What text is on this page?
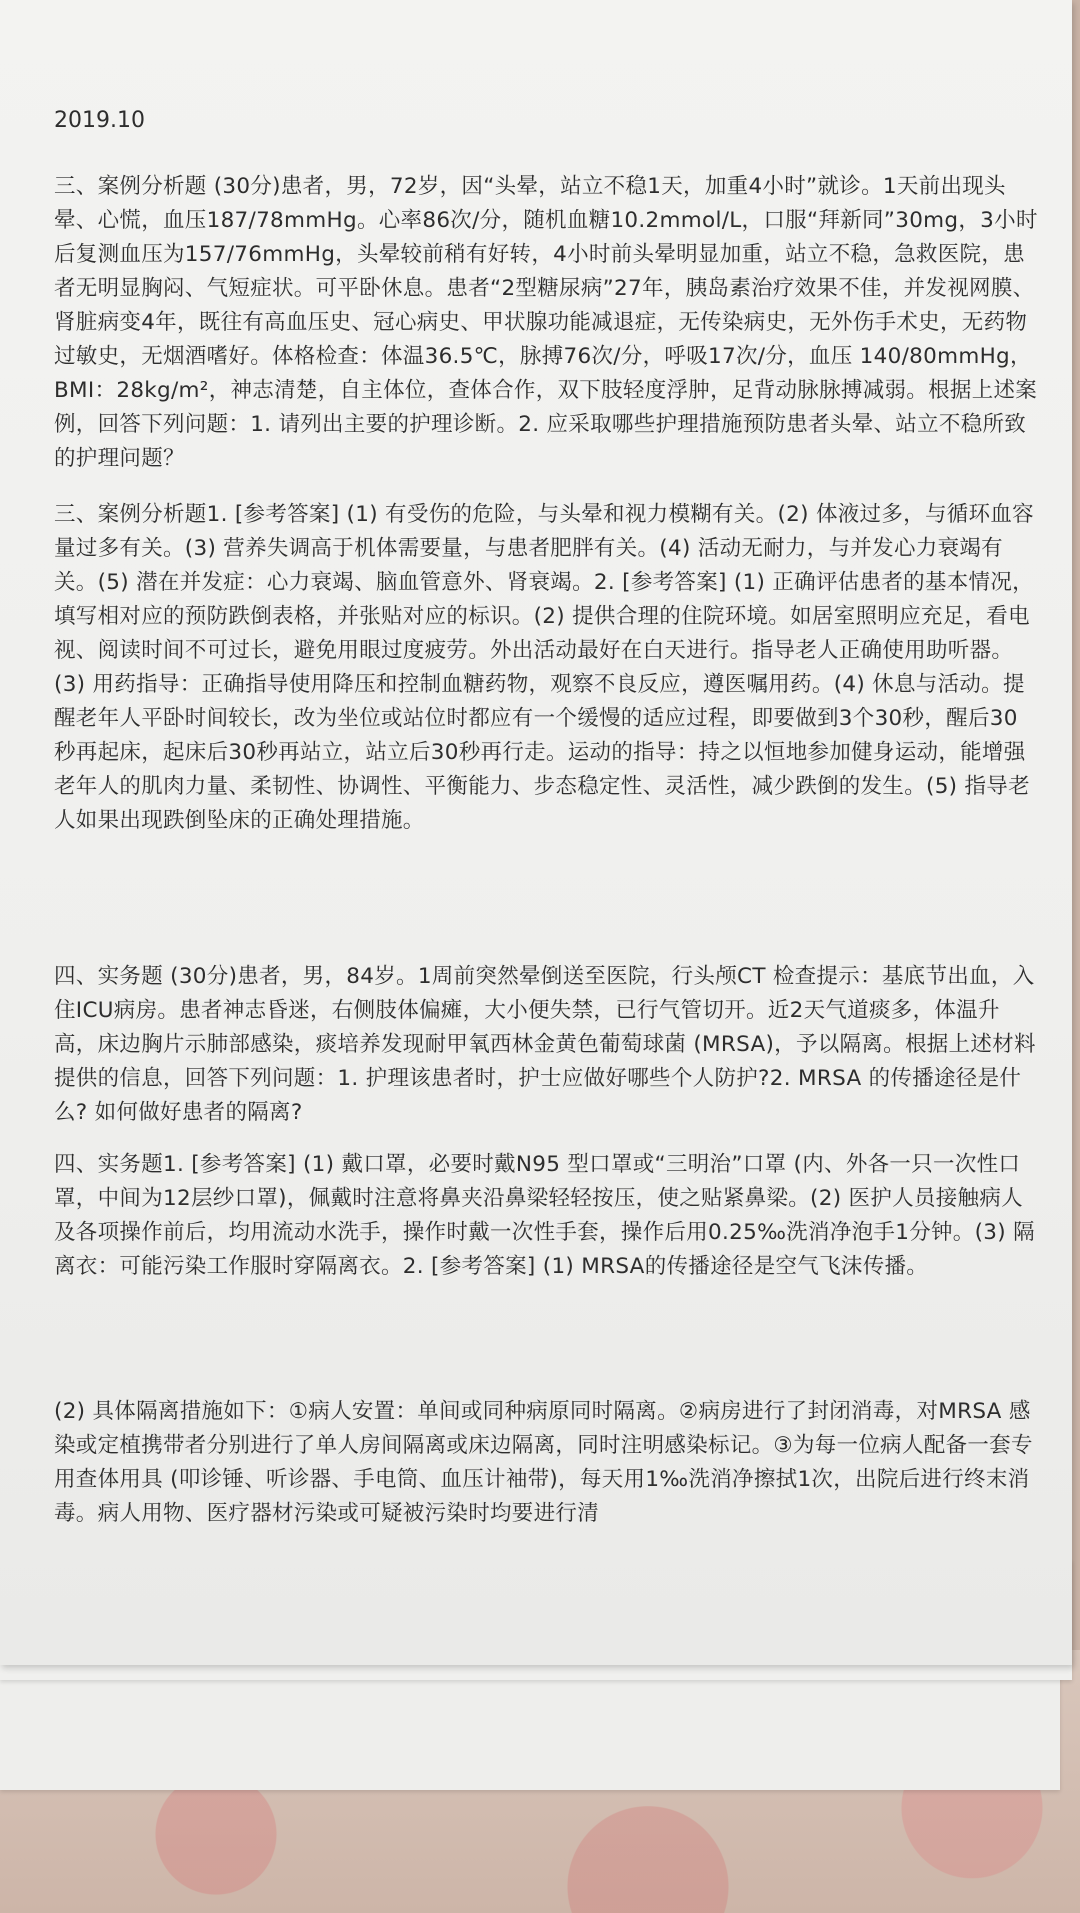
2019.10
三、案例分析题 (30分)患者，男，72岁，因“头晕，站立不稳1天，加重4小时”就诊。1天前出现头晕、心慌，血压187/78mmHg。心率86次/分，随机血糖10.2mmol/L，口服“拜新同”30mg，3小时后复测血压为157/76mmHg，头晕较前稍有好转，4小时前头晕明显加重，站立不稳，急救医院，患者无明显胸闷、气短症状。可平卧休息。患者“2型糖尿病”27年，胰岛素治疗效果不佳，并发视网膜、肾脏病变4年，既往有高血压史、冠心病史、甲状腺功能减退症，无传染病史，无外伤手术史，无药物过敏史，无烟酒嗜好。体格检查：体温36.5℃，脉搏76次/分，呼吸17次/分，血压 140/80mmHg，BMI：28kg/m²，神志清楚，自主体位，查体合作，双下肢轻度浮肿，足背动脉脉搏减弱。根据上述案例，回答下列问题：1. 请列出主要的护理诊断。2. 应采取哪些护理措施预防患者头晕、站立不稳所致的护理问题？
三、案例分析题1. [参考答案] (1) 有受伤的危险，与头晕和视力模糊有关。(2) 体液过多，与循环血容量过多有关。(3) 营养失调高于机体需要量，与患者肥胖有关。(4) 活动无耐力，与并发心力衰竭有关。(5) 潜在并发症：心力衰竭、脑血管意外、肾衰竭。2. [参考答案] (1) 正确评估患者的基本情况，填写相对应的预防跌倒表格，并张贴对应的标识。(2) 提供合理的住院环境。如居室照明应充足，看电视、阅读时间不可过长，避免用眼过度疲劳。外出活动最好在白天进行。指导老人正确使用助听器。(3) 用药指导：正确指导使用降压和控制血糖药物，观察不良反应，遵医嘱用药。(4) 休息与活动。提醒老年人平卧时间较长，改为坐位或站位时都应有一个缓慢的适应过程，即要做到3个30秒，醒后30秒再起床，起床后30秒再站立，站立后30秒再行走。运动的指导：持之以恒地参加健身运动，能增强老年人的肌肉力量、柔韧性、协调性、平衡能力、步态稳定性、灵活性，减少跌倒的发生。(5) 指导老人如果出现跌倒坠床的正确处理措施。
四、实务题 (30分)患者，男，84岁。1周前突然晕倒送至医院，行头颅CT 检查提示：基底节出血，入住ICU病房。患者神志昏迷，右侧肢体偏瘫，大小便失禁，已行气管切开。近2天气道痰多，体温升高，床边胸片示肺部感染，痰培养发现耐甲氧西林金黄色葡萄球菌 (MRSA)，予以隔离。根据上述材料提供的信息，回答下列问题：1. 护理该患者时，护士应做好哪些个人防护?2. MRSA 的传播途径是什么? 如何做好患者的隔离?
四、实务题1. [参考答案] (1) 戴口罩，必要时戴N95 型口罩或“三明治”口罩 (内、外各一只一次性口罩，中间为12层纱口罩)，佩戴时注意将鼻夹沿鼻梁轻轻按压，使之贴紧鼻梁。(2) 医护人员接触病人及各项操作前后，均用流动水洗手，操作时戴一次性手套，操作后用0.25‰洗消净泡手1分钟。(3) 隔离衣：可能污染工作服时穿隔离衣。2. [参考答案] (1) MRSA的传播途径是空气飞沫传播。
(2) 具体隔离措施如下：①病人安置：单间或同种病原同时隔离。②病房进行了封闭消毒，对MRSA 感染或定植携带者分别进行了单人房间隔离或床边隔离，同时注明感染标记。③为每一位病人配备一套专用查体用具 (叩诊锤、听诊器、手电筒、血压计袖带)，每天用1‰洗消净擦拭1次，出院后进行终末消毒。病人用物、医疗器材污染或可疑被污染时均要进行清
